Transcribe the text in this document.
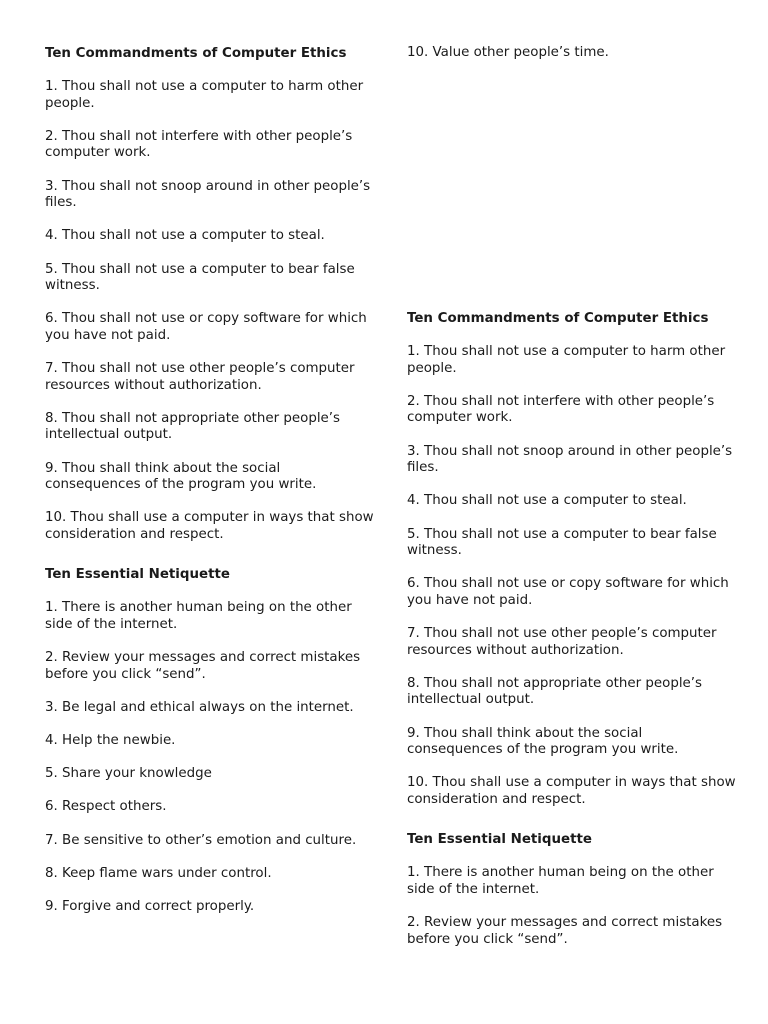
Ten Commandments of Computer Ethics

1. Thou shall not use a computer to harm other people.

2. Thou shall not interfere with other people’s computer work.

3. Thou shall not snoop around in other people’s files.

4. Thou shall not use a computer to steal.

5. Thou shall not use a computer to bear false witness.

6. Thou shall not use or copy software for which you have not paid.

7. Thou shall not use other people’s computer resources without authorization.

8. Thou shall not appropriate other people’s intellectual output.

9. Thou shall think about the social consequences of the program you write.

10. Thou shall use a computer in ways that show consideration and respect.

Ten Essential Netiquette

1. There is another human being on the other side of the internet.

2. Review your messages and correct mistakes before you click “send”.

3. Be legal and ethical always on the internet.

4. Help the newbie.

5. Share your knowledge

6. Respect others.

7. Be sensitive to other’s emotion and culture.

8. Keep flame wars under control.

9. Forgive and correct properly.

10. Value other people’s time.

Ten Commandments of Computer Ethics

1. Thou shall not use a computer to harm other people.

2. Thou shall not interfere with other people’s computer work.

3. Thou shall not snoop around in other people’s files.

4. Thou shall not use a computer to steal.

5. Thou shall not use a computer to bear false witness.

6. Thou shall not use or copy software for which you have not paid.

7. Thou shall not use other people’s computer resources without authorization.

8. Thou shall not appropriate other people’s intellectual output.

9. Thou shall think about the social consequences of the program you write.

10. Thou shall use a computer in ways that show consideration and respect.

Ten Essential Netiquette

1. There is another human being on the other side of the internet.

2. Review your messages and correct mistakes before you click “send”.
